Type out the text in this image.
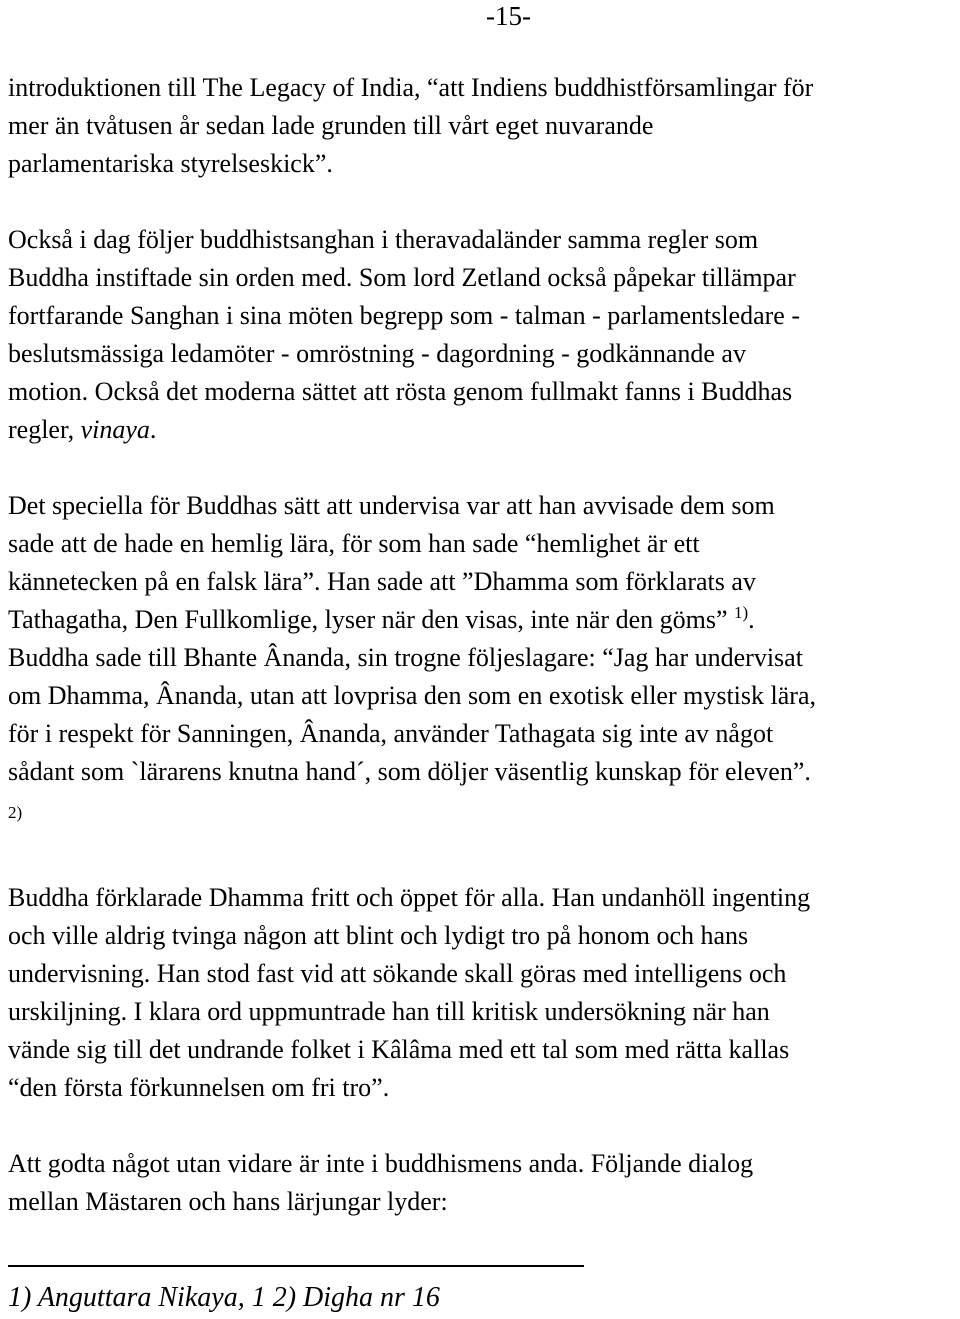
-15-

introduktionen till The Legacy of India, “att Indiens buddhistförsamlingar för
mer än tvåtusen år sedan lade grunden till vårt eget nuvarande
parlamentariska styrelseskick”.

Också i dag följer buddhistsanghan i theravadaländer samma regler som
Buddha instiftade sin orden med. Som lord Zetland också påpekar tillämpar
fortfarande Sanghan i sina möten begrepp som - talman - parlamentsledare -
beslutsmässiga ledamöter - omröstning - dagordning - godkännande av
motion. Också det moderna sättet att rösta genom fullmakt fanns i Buddhas
regler, vinaya.

Det speciella för Buddhas sätt att undervisa var att han avvisade dem som
sade att de hade en hemlig lära, för som han sade “hemlighet är ett
kännetecken på en falsk lära”. Han sade att ”Dhamma som förklarats av
Tathagatha, Den Fullkomlige, lyser när den visas, inte när den göms” $^{1)}$.
Buddha sade till Bhante Ânanda, sin trogne följeslagare: “Jag har undervisat
om Dhamma, Ânanda, utan att lovprisa den som en exotisk eller mystisk lära,
för i respekt för Sanningen, Ânanda, använder Tathagata sig inte av något
sådant som `lärarens knutna hand´, som döljer väsentlig kunskap för eleven”.
2)

Buddha förklarade Dhamma fritt och öppet för alla. Han undanhöll ingenting
och ville aldrig tvinga någon att blint och lydigt tro på honom och hans
undervisning. Han stod fast vid att sökande skall göras med intelligens och
urskiljning. I klara ord uppmuntrade han till kritisk undersökning när han
vände sig till det undrande folket i Kâlâma med ett tal som med rätta kallas
“den första förkunnelsen om fri tro”.

Att godta något utan vidare är inte i buddhismens anda. Följande dialog
mellan Mästaren och hans lärjungar lyder:

1) Anguttara Nikaya, 1 2) Digha nr 16
